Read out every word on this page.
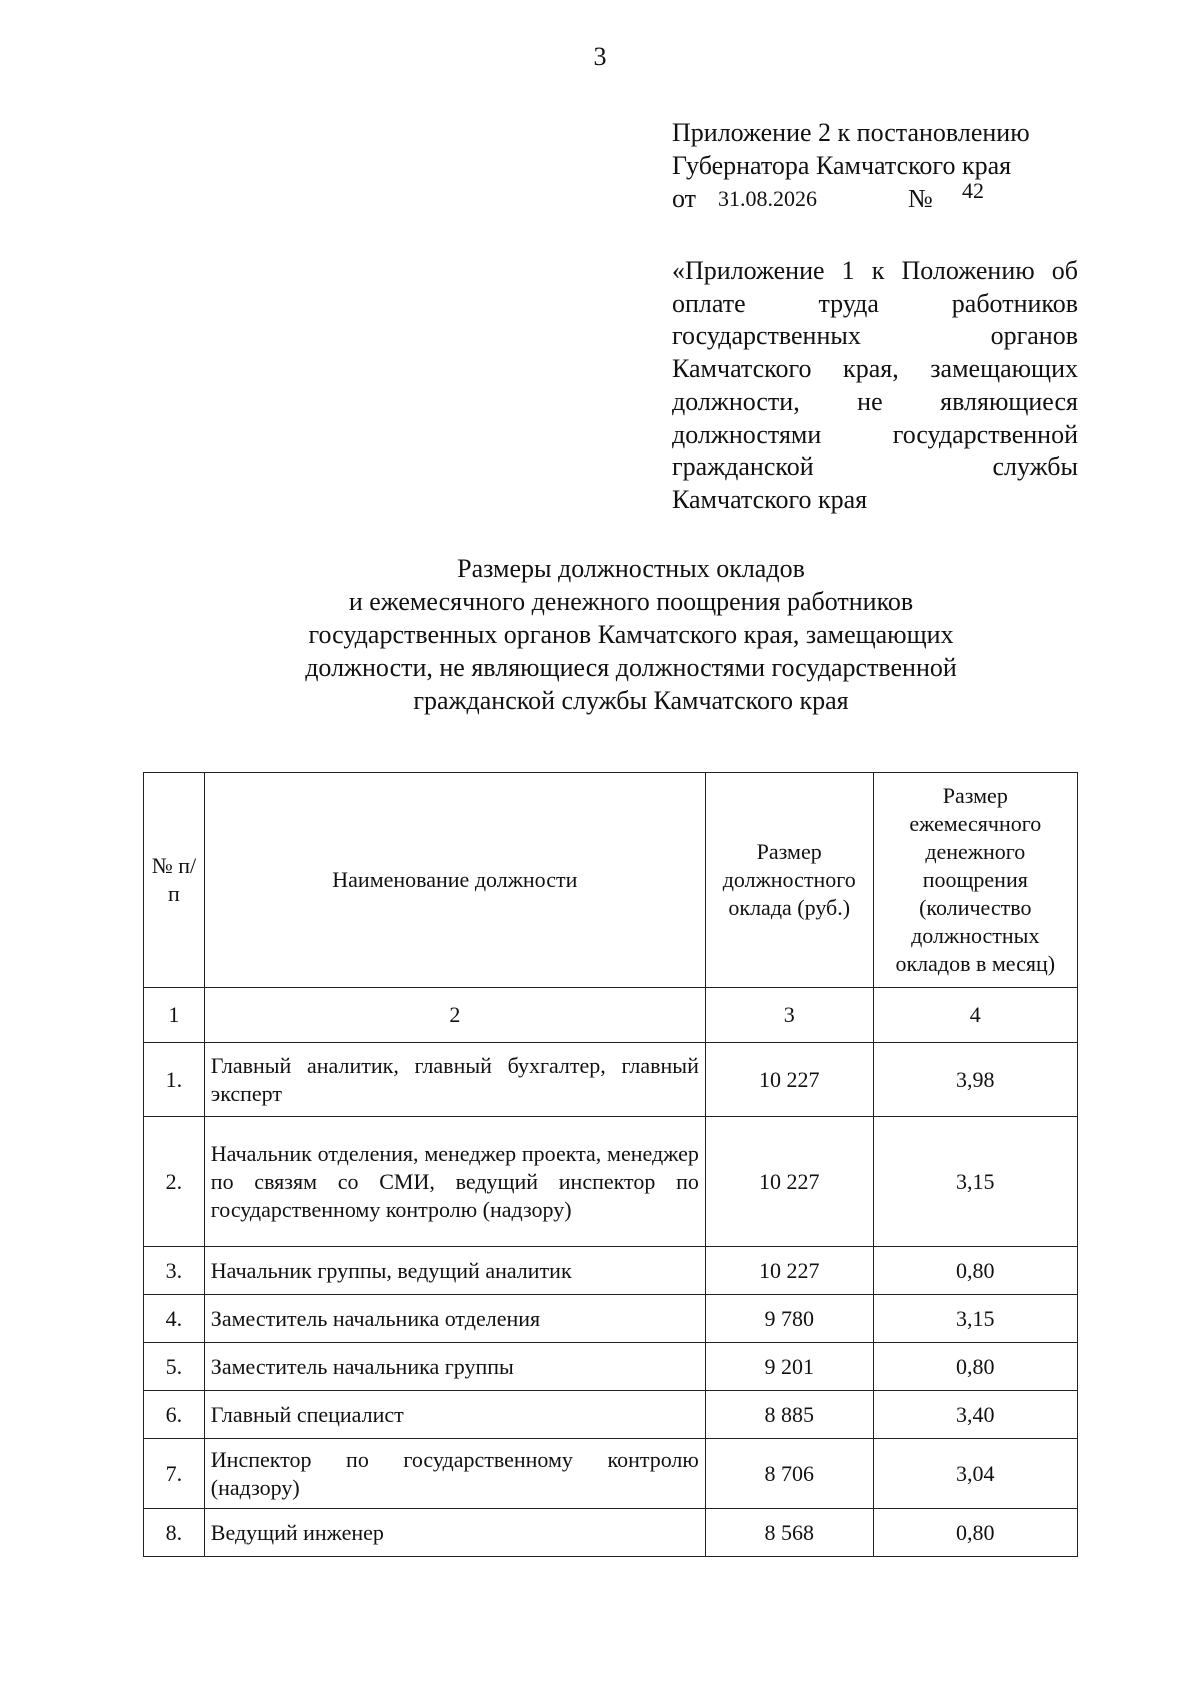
3
Приложение 2 к постановлению
Губернатора Камчатского края
от 31.08.2026	№ 42
«Приложение 1 к Положению об
оплате труда работников
государственных органов
Камчатского края, замещающих
должности, не являющиеся
должностями государственной
гражданской службы
Камчатского края
Размеры должностных окладов
и ежемесячного денежного поощрения работников
государственных органов Камчатского края, замещающих
должности, не являющиеся должностями государственной
гражданской службы Камчатского края
№ п/п	Наименование должности	Размер должностного оклада (руб.)	Размер ежемесячного денежного поощрения (количество должностных окладов в месяц)
1	2	3	4
1.	Главный аналитик, главный бухгалтер, главный эксперт	10 227	3,98
2.	Начальник отделения, менеджер проекта, менеджер по связям со СМИ, ведущий инспектор по государственному контролю (надзору)	10 227	3,15
3.	Начальник группы, ведущий аналитик	10 227	0,80
4.	Заместитель начальника отделения	9 780	3,15
5.	Заместитель начальника группы	9 201	0,80
6.	Главный специалист	8 885	3,40
7.	Инспектор по государственному контролю (надзору)	8 706	3,04
8.	Ведущий инженер	8 568	0,80
